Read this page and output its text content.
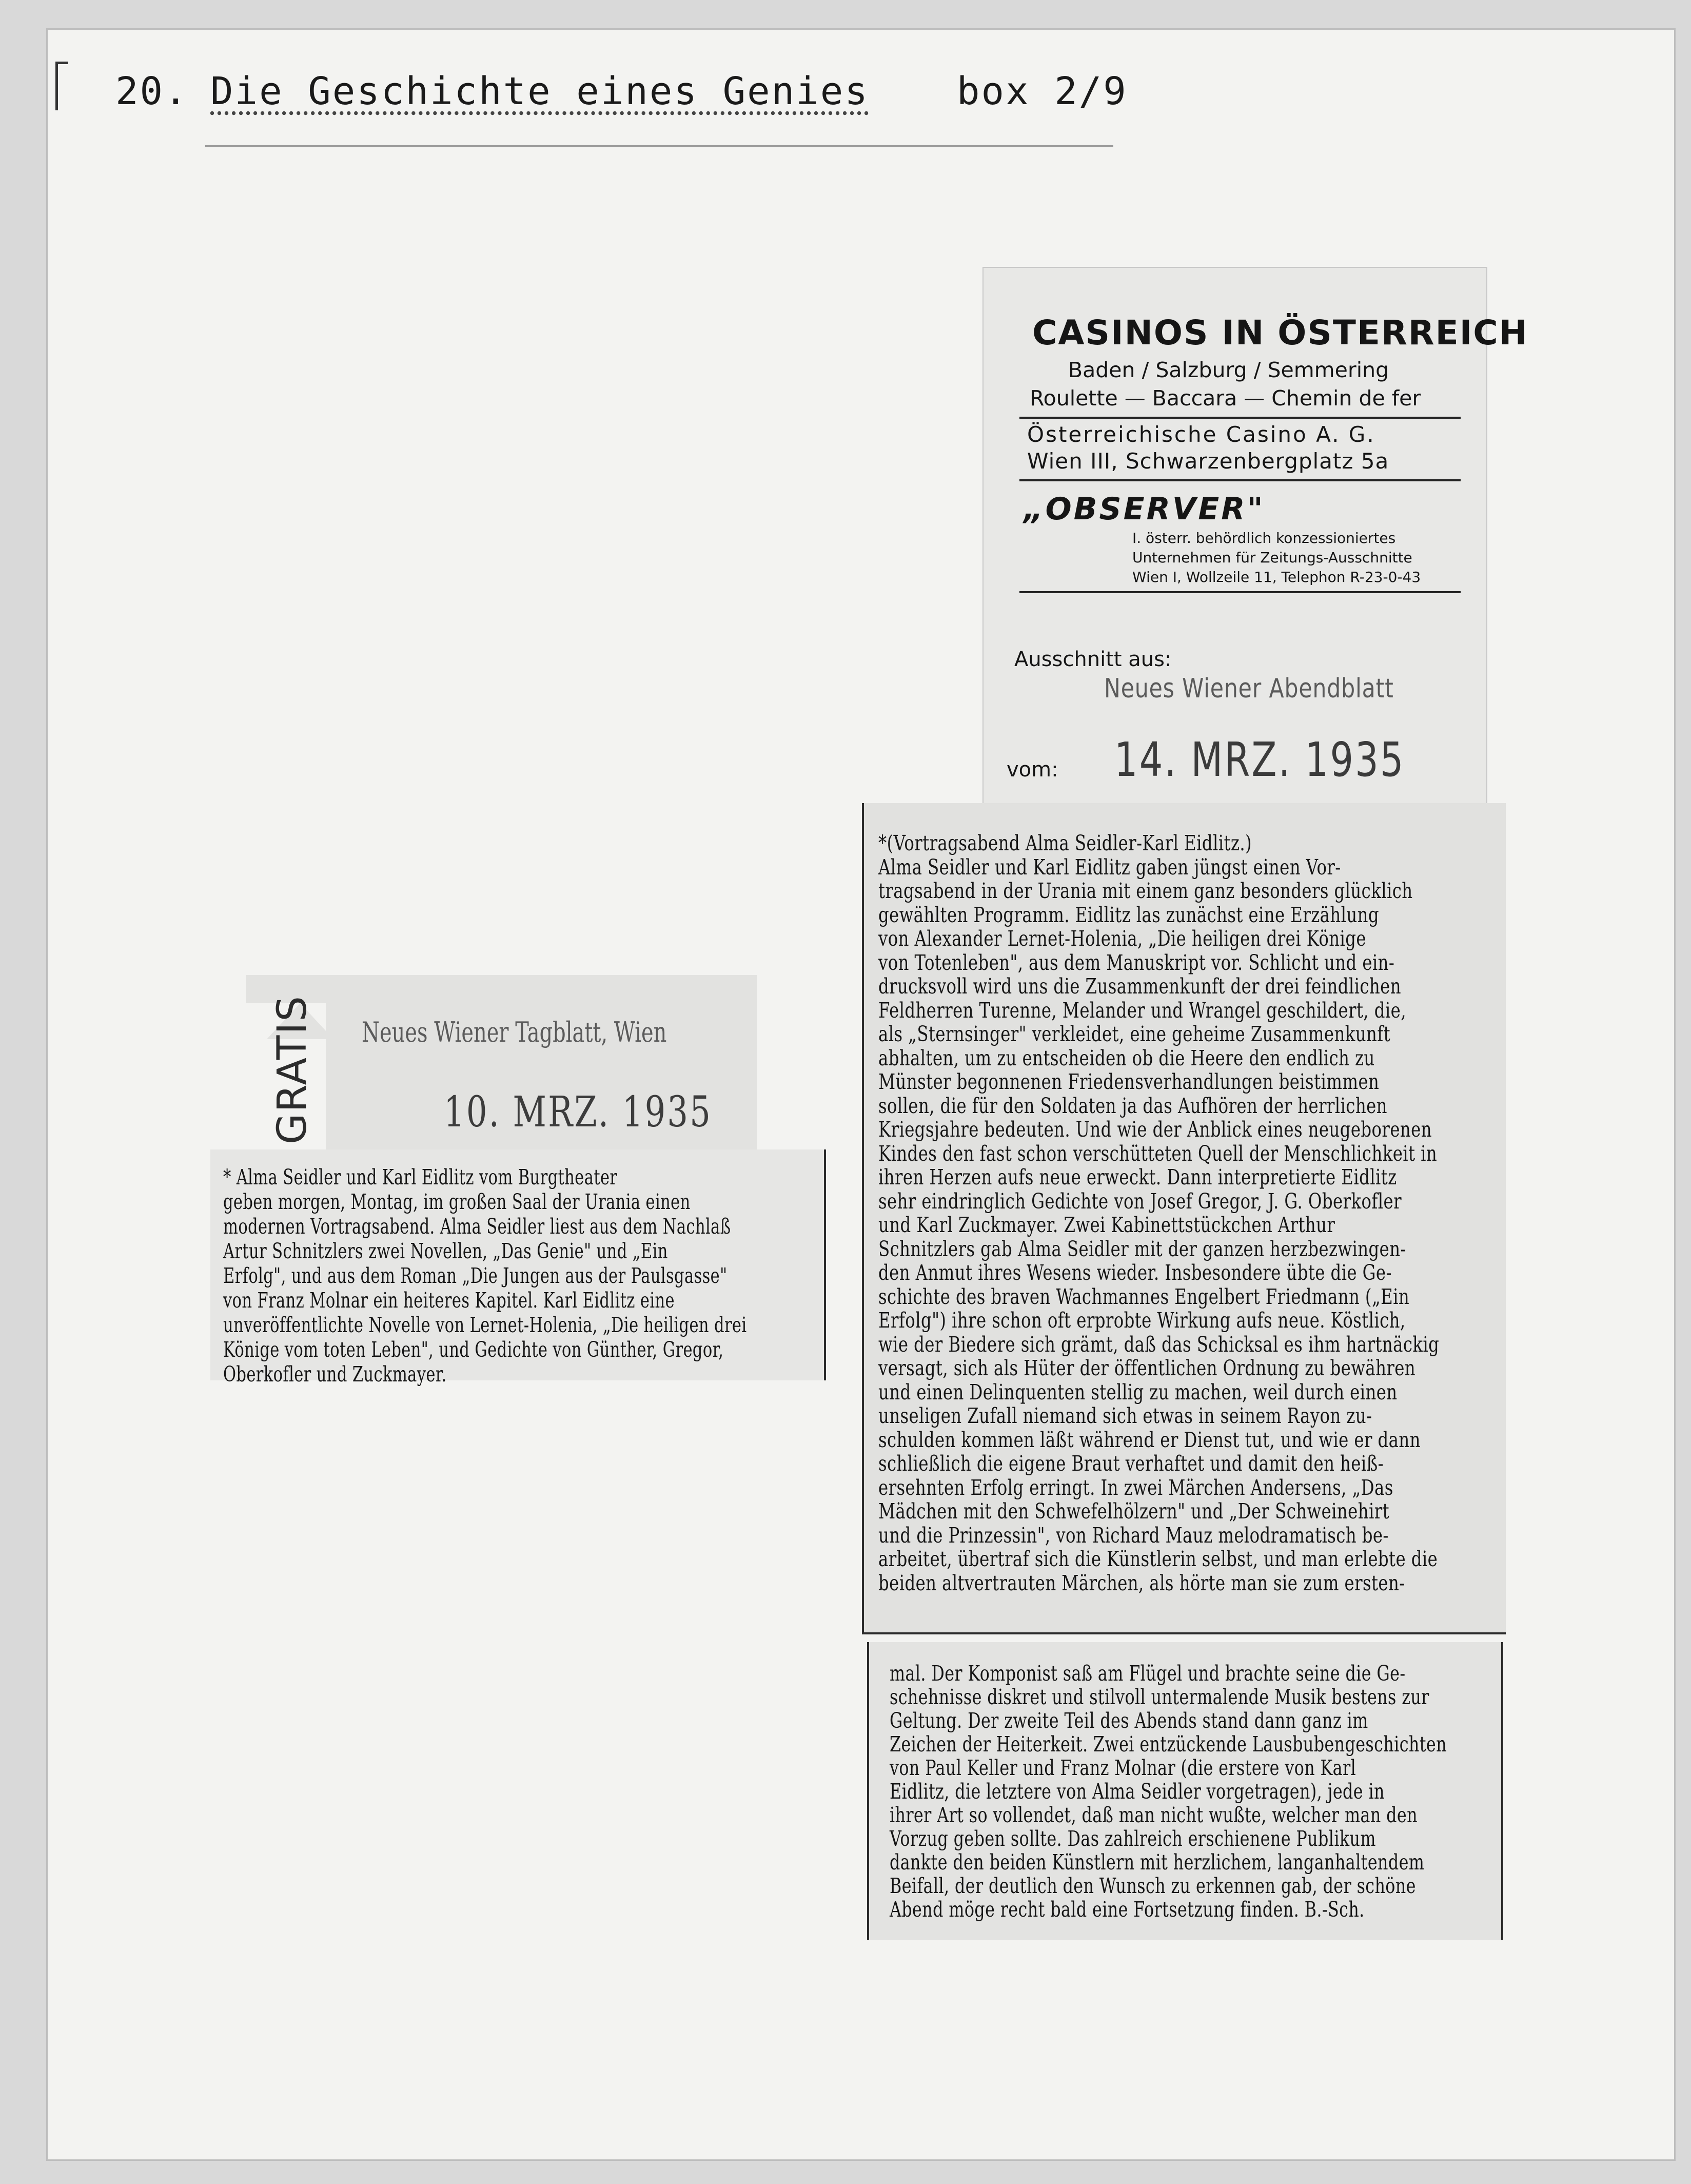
20. Die Geschichte eines Genies box 2/9
CASINOS IN ÖSTERREICH
Baden / Salzburg / Semmering
Roulette — Baccara — Chemin de fer
Österreichische Casino A. G.
Wien III, Schwarzenbergplatz 5a
„OBSERVER"
I. österr. behördlich konzessioniertes
Unternehmen für Zeitungs-Ausschnitte
Wien I, Wollzeile 11, Telephon R-23-0-43
Ausschnitt aus:
Neues Wiener Abendblatt
vom: 14. MRZ. 1935
GRATIS Neues Wiener Tagblatt, Wien
10. MRZ. 1935
* Alma Seidler und Karl Eidlitz vom Burgtheater
geben morgen, Montag, im großen Saal der Urania einen
modernen Vortragsabend. Alma Seidler liest aus dem Nachlaß
Artur Schnitzlers zwei Novellen, „Das Genie" und „Ein
Erfolg", und aus dem Roman „Die Jungen aus der Paulsgasse"
von Franz Molnar ein heiteres Kapitel. Karl Eidlitz eine
unveröffentlichte Novelle von Lernet-Holenia, „Die heiligen drei
Könige vom toten Leben", und Gedichte von Günther, Gregor,
Oberkofler und Zuckmayer.
*(Vortragsabend Alma Seidler-Karl Eidlitz.)
Alma Seidler und Karl Eidlitz gaben jüngst einen Vor-
tragsabend in der Urania mit einem ganz besonders glücklich
gewählten Programm. Eidlitz las zunächst eine Erzählung
von Alexander Lernet-Holenia, „Die heiligen drei Könige
von Totenleben", aus dem Manuskript vor. Schlicht und ein-
drucksvoll wird uns die Zusammenkunft der drei feindlichen
Feldherren Turenne, Melander und Wrangel geschildert, die,
als „Sternsinger" verkleidet, eine geheime Zusammenkunft
abhalten, um zu entscheiden ob die Heere den endlich zu
Münster begonnenen Friedensverhandlungen beistimmen
sollen, die für den Soldaten ja das Aufhören der herrlichen
Kriegsjahre bedeuten. Und wie der Anblick eines neugeborenen
Kindes den fast schon verschütteten Quell der Menschlichkeit in
ihren Herzen aufs neue erweckt. Dann interpretierte Eidlitz
sehr eindringlich Gedichte von Josef Gregor, J. G. Oberkofler
und Karl Zuckmayer. Zwei Kabinettstückchen Arthur
Schnitzlers gab Alma Seidler mit der ganzen herzbezwingen-
den Anmut ihres Wesens wieder. Insbesondere übte die Ge-
schichte des braven Wachmannes Engelbert Friedmann („Ein
Erfolg") ihre schon oft erprobte Wirkung aufs neue. Köstlich,
wie der Biedere sich grämt, daß das Schicksal es ihm hartnäckig
versagt, sich als Hüter der öffentlichen Ordnung zu bewähren
und einen Delinquenten stellig zu machen, weil durch einen
unseligen Zufall niemand sich etwas in seinem Rayon zu-
schulden kommen läßt während er Dienst tut, und wie er dann
schließlich die eigene Braut verhaftet und damit den heiß-
ersehnten Erfolg erringt. In zwei Märchen Andersens, „Das
Mädchen mit den Schwefelhölzern" und „Der Schweinehirt
und die Prinzessin", von Richard Mauz melodramatisch be-
arbeitet, übertraf sich die Künstlerin selbst, und man erlebte die
beiden altvertrauten Märchen, als hörte man sie zum ersten-
mal. Der Komponist saß am Flügel und brachte seine die Ge-
schehnisse diskret und stilvoll untermalende Musik bestens zur
Geltung. Der zweite Teil des Abends stand dann ganz im
Zeichen der Heiterkeit. Zwei entzückende Lausbubengeschichten
von Paul Keller und Franz Molnar (die erstere von Karl
Eidlitz, die letztere von Alma Seidler vorgetragen), jede in
ihrer Art so vollendet, daß man nicht wußte, welcher man den
Vorzug geben sollte. Das zahlreich erschienene Publikum
dankte den beiden Künstlern mit herzlichem, langanhaltendem
Beifall, der deutlich den Wunsch zu erkennen gab, der schöne
Abend möge recht bald eine Fortsetzung finden. B.-Sch.
